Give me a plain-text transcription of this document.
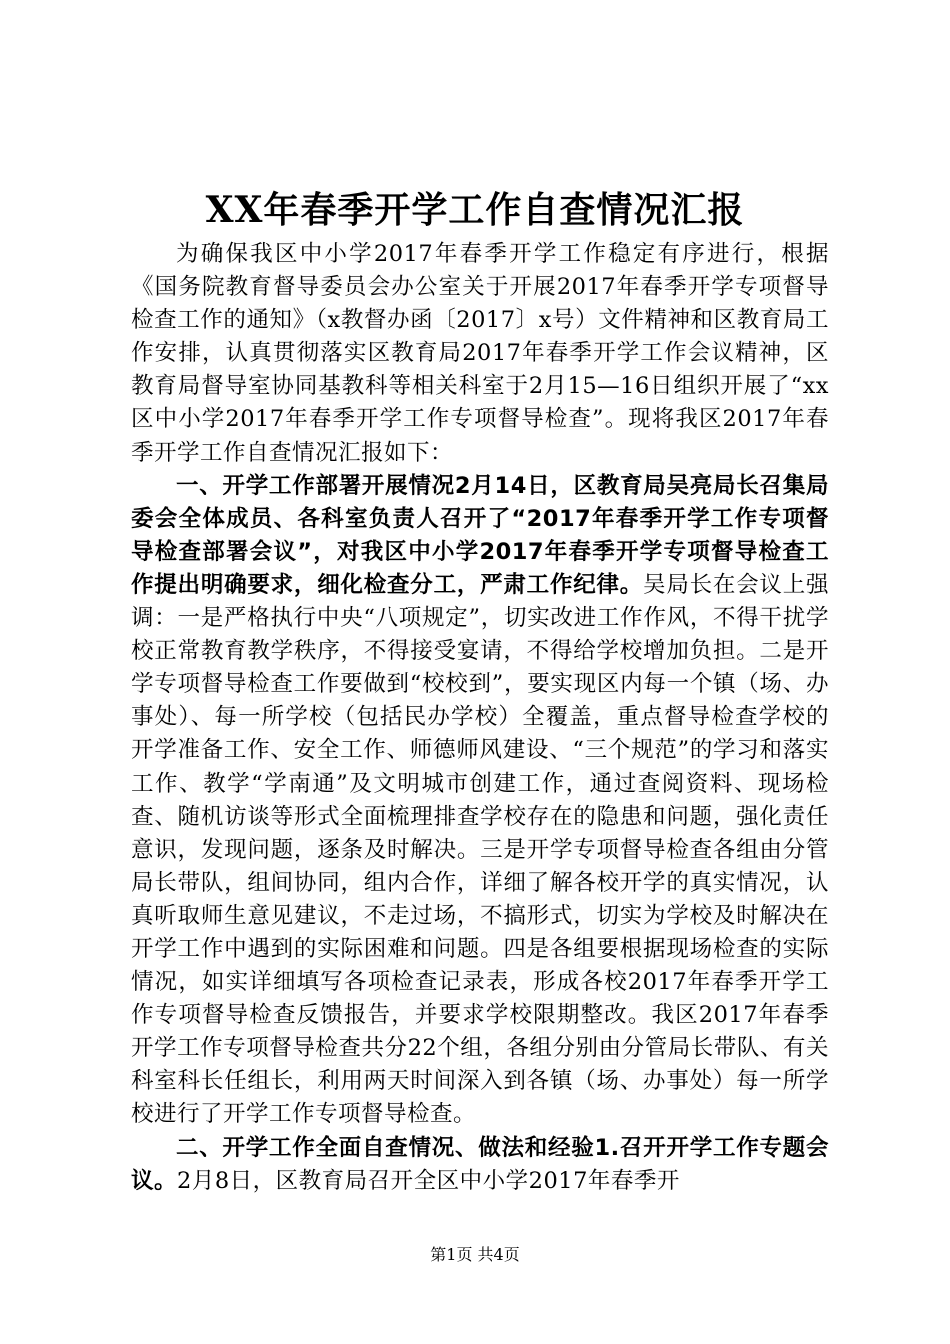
XX年春季开学工作自查情况汇报

为确保我区中小学2017年春季开学工作稳定有序进行，根据《国务院教育督导委员会办公室关于开展2017年春季开学专项督导检查工作的通知》（x教督办函〔2017〕x号）文件精神和区教育局工作安排，认真贯彻落实区教育局2017年春季开学工作会议精神，区教育局督导室协同基教科等相关科室于2月15—16日组织开展了“xx区中小学2017年春季开学工作专项督导检查”。现将我区2017年春季开学工作自查情况汇报如下：

一、开学工作部署开展情况2月14日，区教育局吴亮局长召集局委会全体成员、各科室负责人召开了“2017年春季开学工作专项督导检查部署会议”，对我区中小学2017年春季开学专项督导检查工作提出明确要求，细化检查分工，严肃工作纪律。吴局长在会议上强调：一是严格执行中央“八项规定”，切实改进工作作风，不得干扰学校正常教育教学秩序，不得接受宴请，不得给学校增加负担。二是开学专项督导检查工作要做到“校校到”，要实现区内每一个镇（场、办事处）、每一所学校（包括民办学校）全覆盖，重点督导检查学校的开学准备工作、安全工作、师德师风建设、“三个规范”的学习和落实工作、教学“学南通”及文明城市创建工作，通过查阅资料、现场检查、随机访谈等形式全面梳理排查学校存在的隐患和问题，强化责任意识，发现问题，逐条及时解决。三是开学专项督导检查各组由分管局长带队，组间协同，组内合作，详细了解各校开学的真实情况，认真听取师生意见建议，不走过场，不搞形式，切实为学校及时解决在开学工作中遇到的实际困难和问题。四是各组要根据现场检查的实际情况，如实详细填写各项检查记录表，形成各校2017年春季开学工作专项督导检查反馈报告，并要求学校限期整改。我区2017年春季开学工作专项督导检查共分22个组，各组分别由分管局长带队、有关科室科长任组长，利用两天时间深入到各镇（场、办事处）每一所学校进行了开学工作专项督导检查。

二、开学工作全面自查情况、做法和经验1.召开开学工作专题会议。2月8日，区教育局召开全区中小学2017年春季开

第1页 共4页
